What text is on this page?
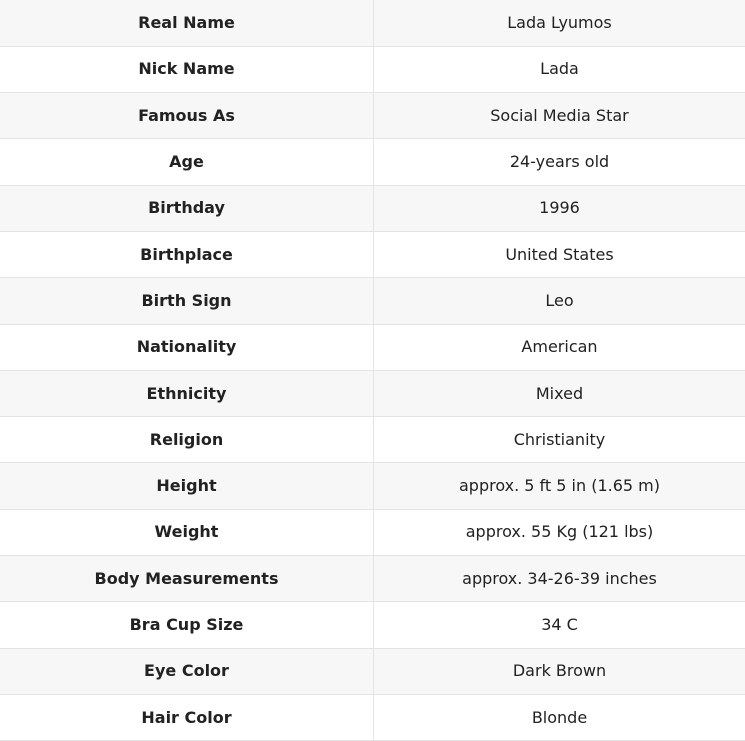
Real Name	Lada Lyumos
Nick Name	Lada
Famous As	Social Media Star
Age	24-years old
Birthday	1996
Birthplace	United States
Birth Sign	Leo
Nationality	American
Ethnicity	Mixed
Religion	Christianity
Height	approx. 5 ft 5 in (1.65 m)
Weight	approx. 55 Kg (121 lbs)
Body Measurements	approx. 34-26-39 inches
Bra Cup Size	34 C
Eye Color	Dark Brown
Hair Color	Blonde
